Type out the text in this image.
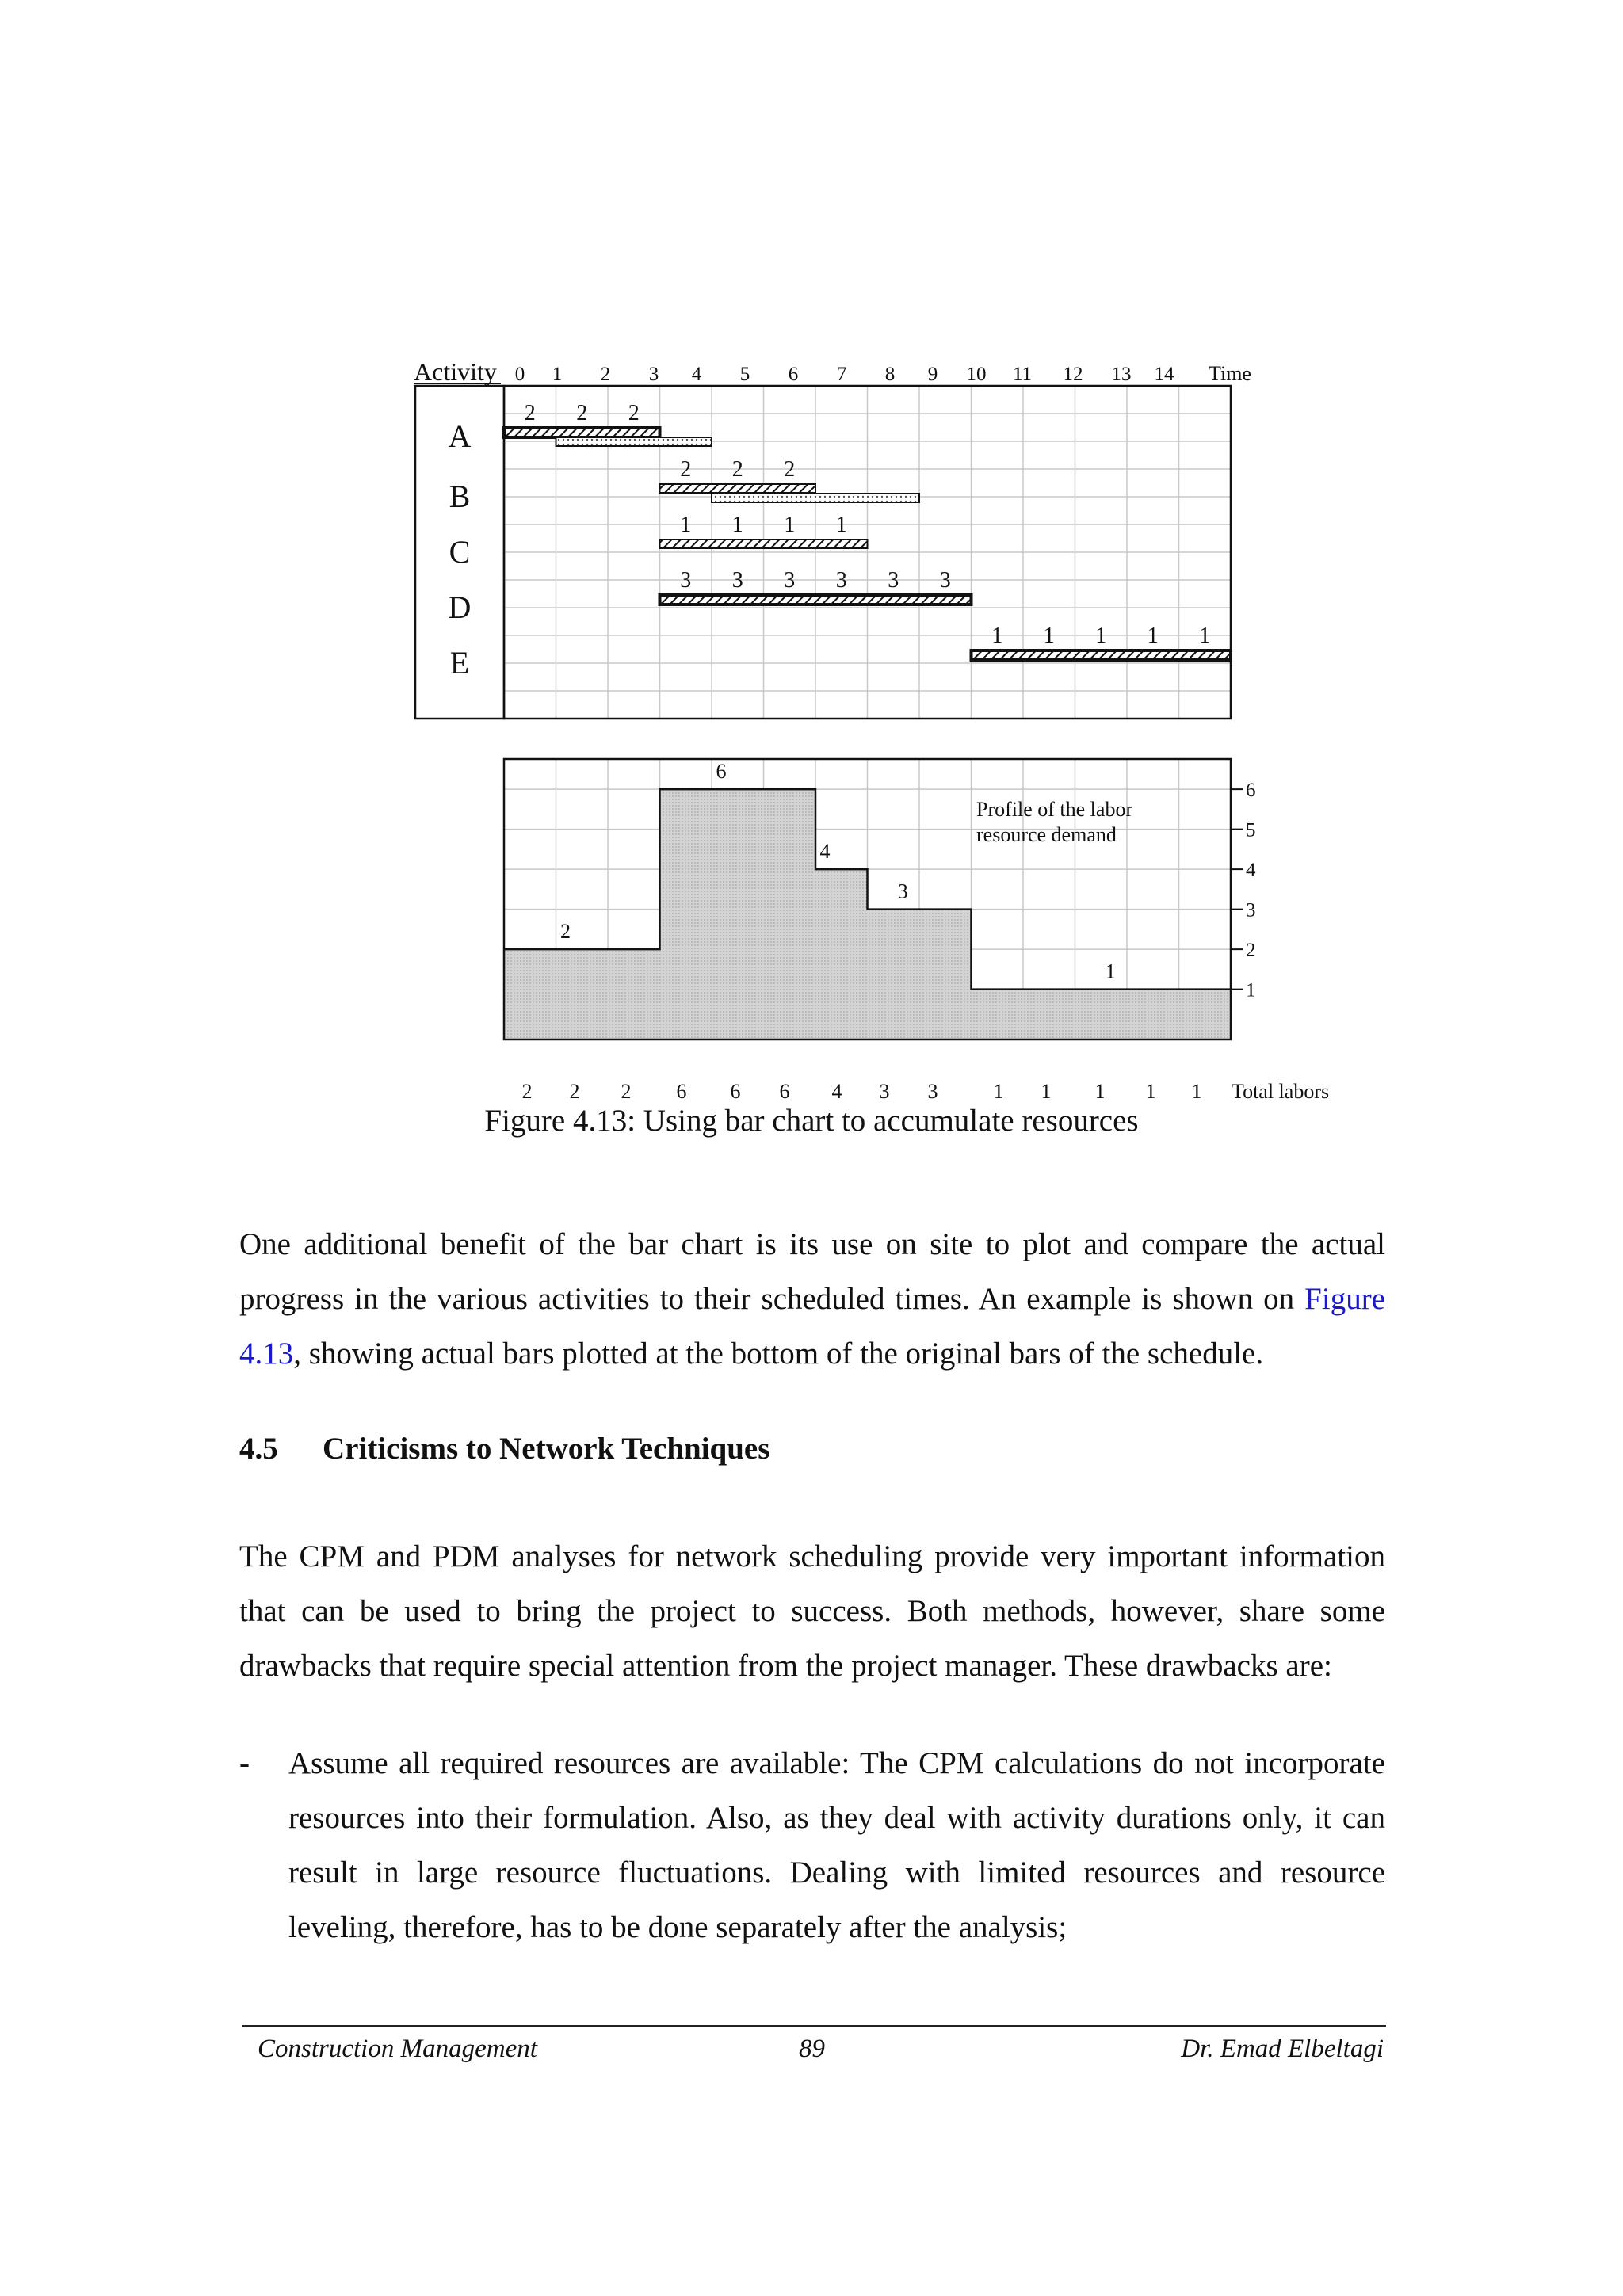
Activity	Time
0 1 2 3 4 5 6 7 8 9 10 11 12 13 14
A
B
C
D
E
2 2 2
2 2 2
1 1 1 1
3 3 3 3 3 3
1 1 1 1 1
2
6
4
3
1
Profile of the labor
resource demand
1
2
3
4
5
6
2 2 2 6 6 6 4 3 3	1 1 1 1 1 Total labors
Figure 4.13: Using bar chart to accumulate resources
One additional benefit of the bar chart is its use on site to plot and compare the actual progress in the various activities to their scheduled times. An example is shown on Figure 4.13, showing actual bars plotted at the bottom of the original bars of the schedule.
4.5 Criticisms to Network Techniques
The CPM and PDM analyses for network scheduling provide very important information that can be used to bring the project to success. Both methods, however, share some drawbacks that require special attention from the project manager. These drawbacks are:
- Assume all required resources are available: The CPM calculations do not incorporate resources into their formulation. Also, as they deal with activity durations only, it can result in large resource fluctuations. Dealing with limited resources and resource leveling, therefore, has to be done separately after the analysis;
Construction Management	89	Dr. Emad Elbeltagi
